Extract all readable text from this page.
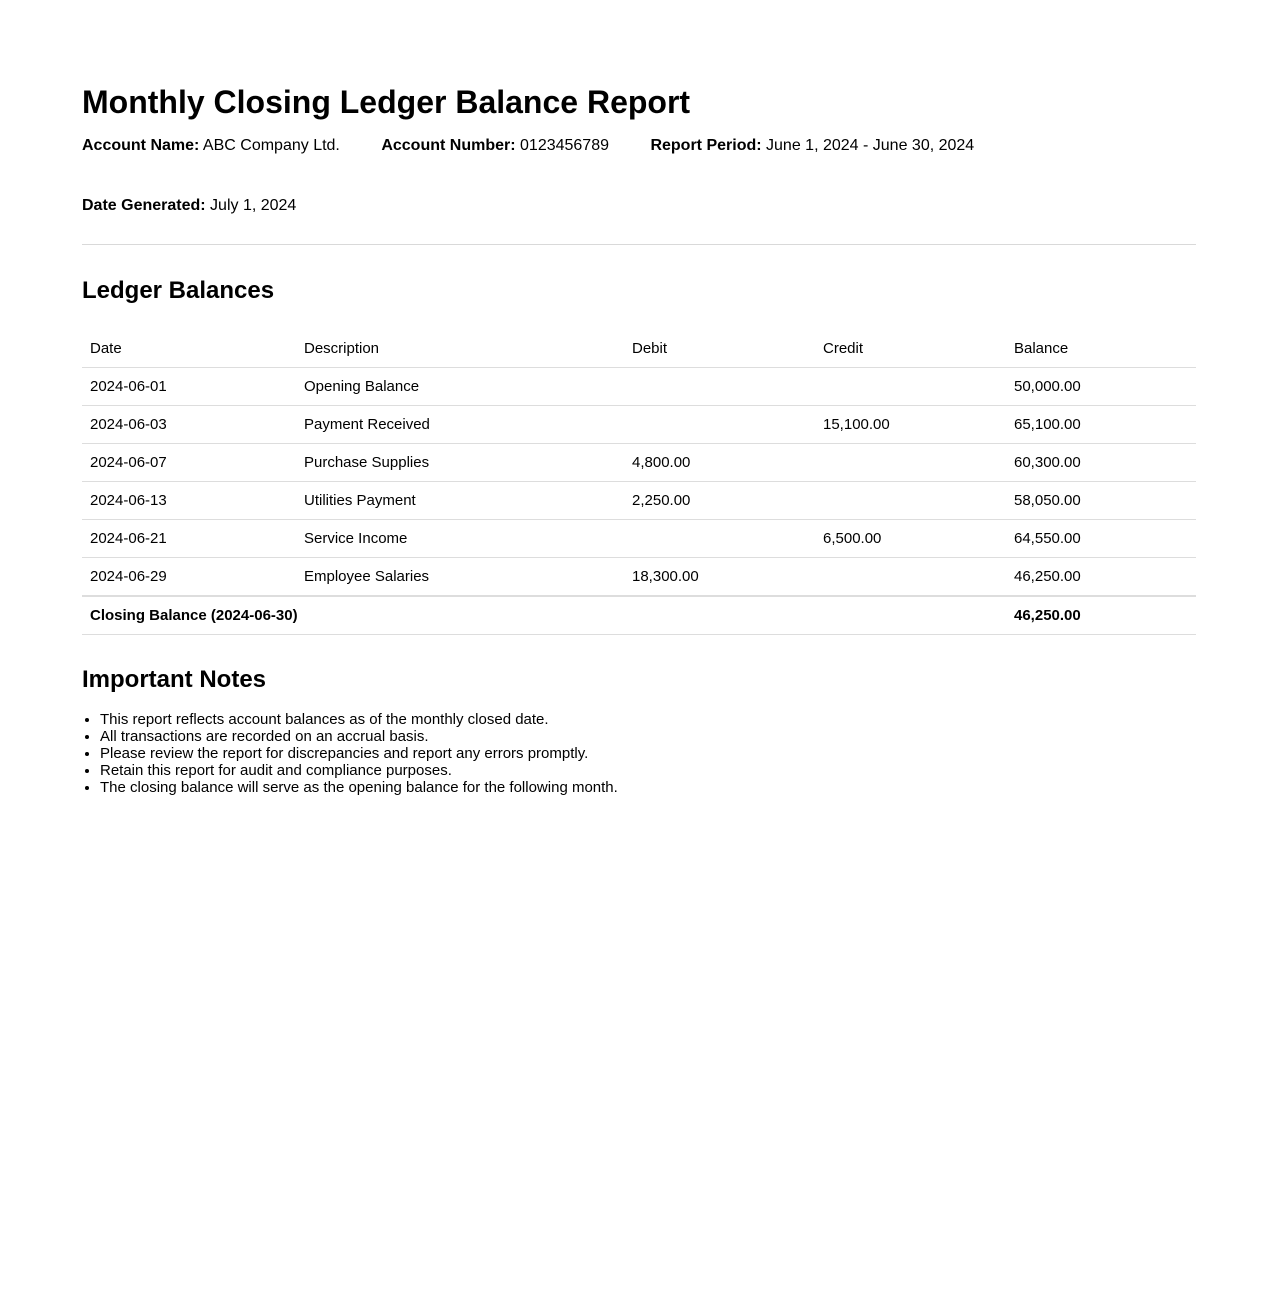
Monthly Closing Ledger Balance Report
Account Name: ABC Company Ltd.	Account Number: 0123456789	Report Period: June 1, 2024 - June 30, 2024
Date Generated: July 1, 2024
Ledger Balances
Date	Description	Debit	Credit	Balance
2024-06-01	Opening Balance			50,000.00
2024-06-03	Payment Received		15,100.00	65,100.00
2024-06-07	Purchase Supplies	4,800.00		60,300.00
2024-06-13	Utilities Payment	2,250.00		58,050.00
2024-06-21	Service Income		6,500.00	64,550.00
2024-06-29	Employee Salaries	18,300.00		46,250.00
Closing Balance (2024-06-30)				46,250.00
Important Notes
• This report reflects account balances as of the monthly closed date.
• All transactions are recorded on an accrual basis.
• Please review the report for discrepancies and report any errors promptly.
• Retain this report for audit and compliance purposes.
• The closing balance will serve as the opening balance for the following month.
